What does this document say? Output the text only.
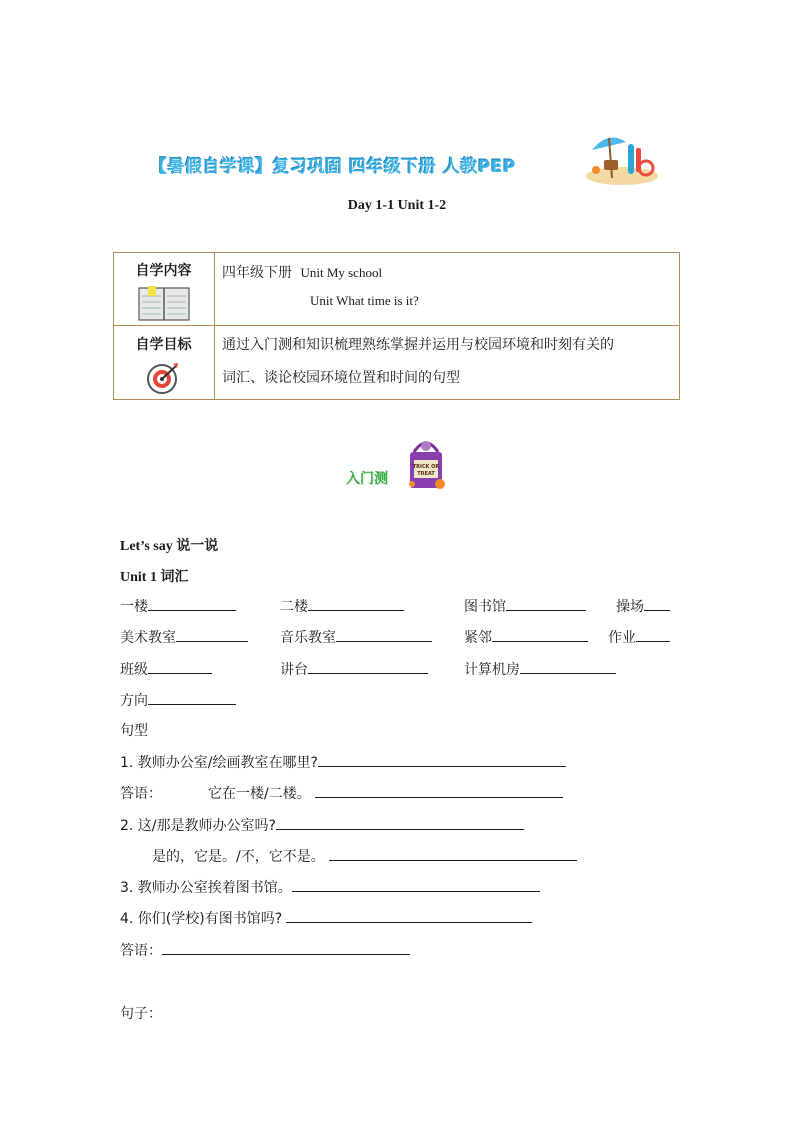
【暑假自学课】复习巩固 四年级下册 人教PEP
Day 1-1 Unit 1-2
自学内容	四年级下册 Unit My school
Unit What time is it?
自学目标	通过入门测和知识梳理熟练掌握并运用与校园环境和时刻有关的
词汇、谈论校园环境位置和时间的句型
入门测
TRICK OR
TREAT
Let’s say 说一说
Unit 1 词汇
一楼	二楼	图书馆	操场
美术教室	音乐教室	紧邻	作业
班级	讲台	计算机房
方向
句型
1. 教师办公室/绘画教室在哪里?
答语：	它在一楼/二楼。
2. 这/那是教师办公室吗?
是的，它是。/不，它不是。
3. 教师办公室挨着图书馆。
4. 你们(学校)有图书馆吗?
答语：
句子：
